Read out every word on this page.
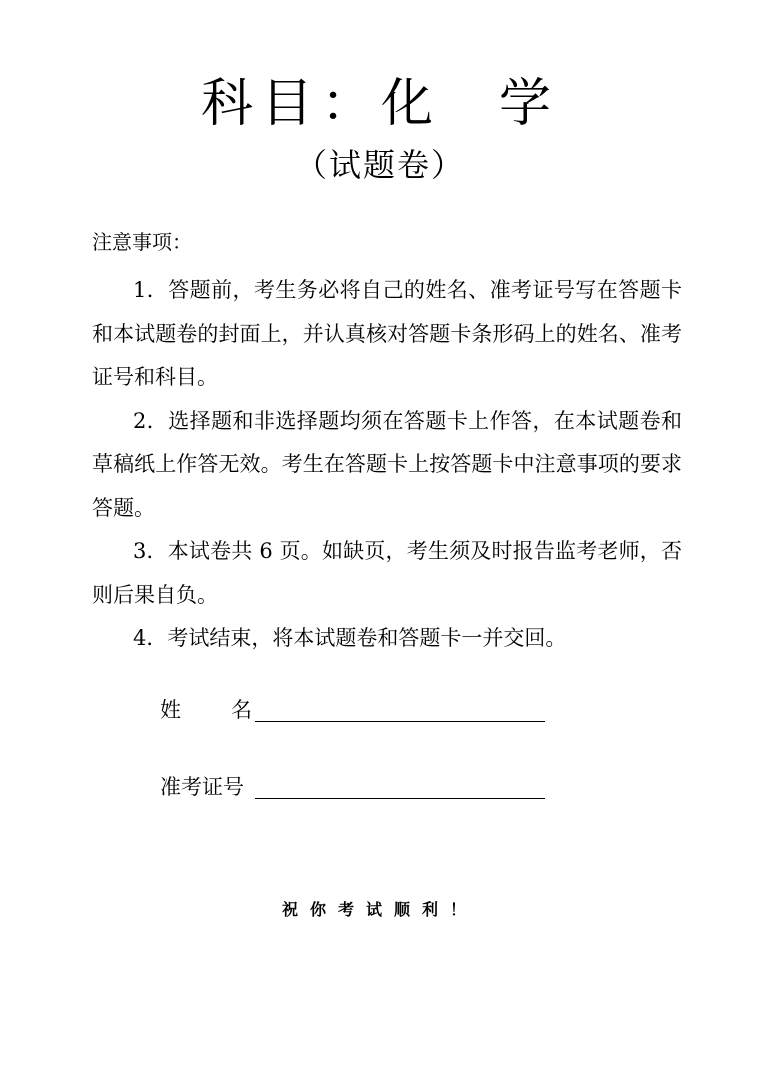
科目：化 学
（试题卷）
注意事项：

1．答题前，考生务必将自己的姓名、准考证号写在答题卡和本试题卷的封面上，并认真核对答题卡条形码上的姓名、准考证号和科目。

2．选择题和非选择题均须在答题卡上作答，在本试题卷和草稿纸上作答无效。考生在答题卡上按答题卡中注意事项的要求答题。

3．本试卷共 6 页。如缺页，考生须及时报告监考老师，否则后果自负。

4．考试结束，将本试题卷和答题卡一并交回。

姓 名
准考证号
祝你考试顺利！
